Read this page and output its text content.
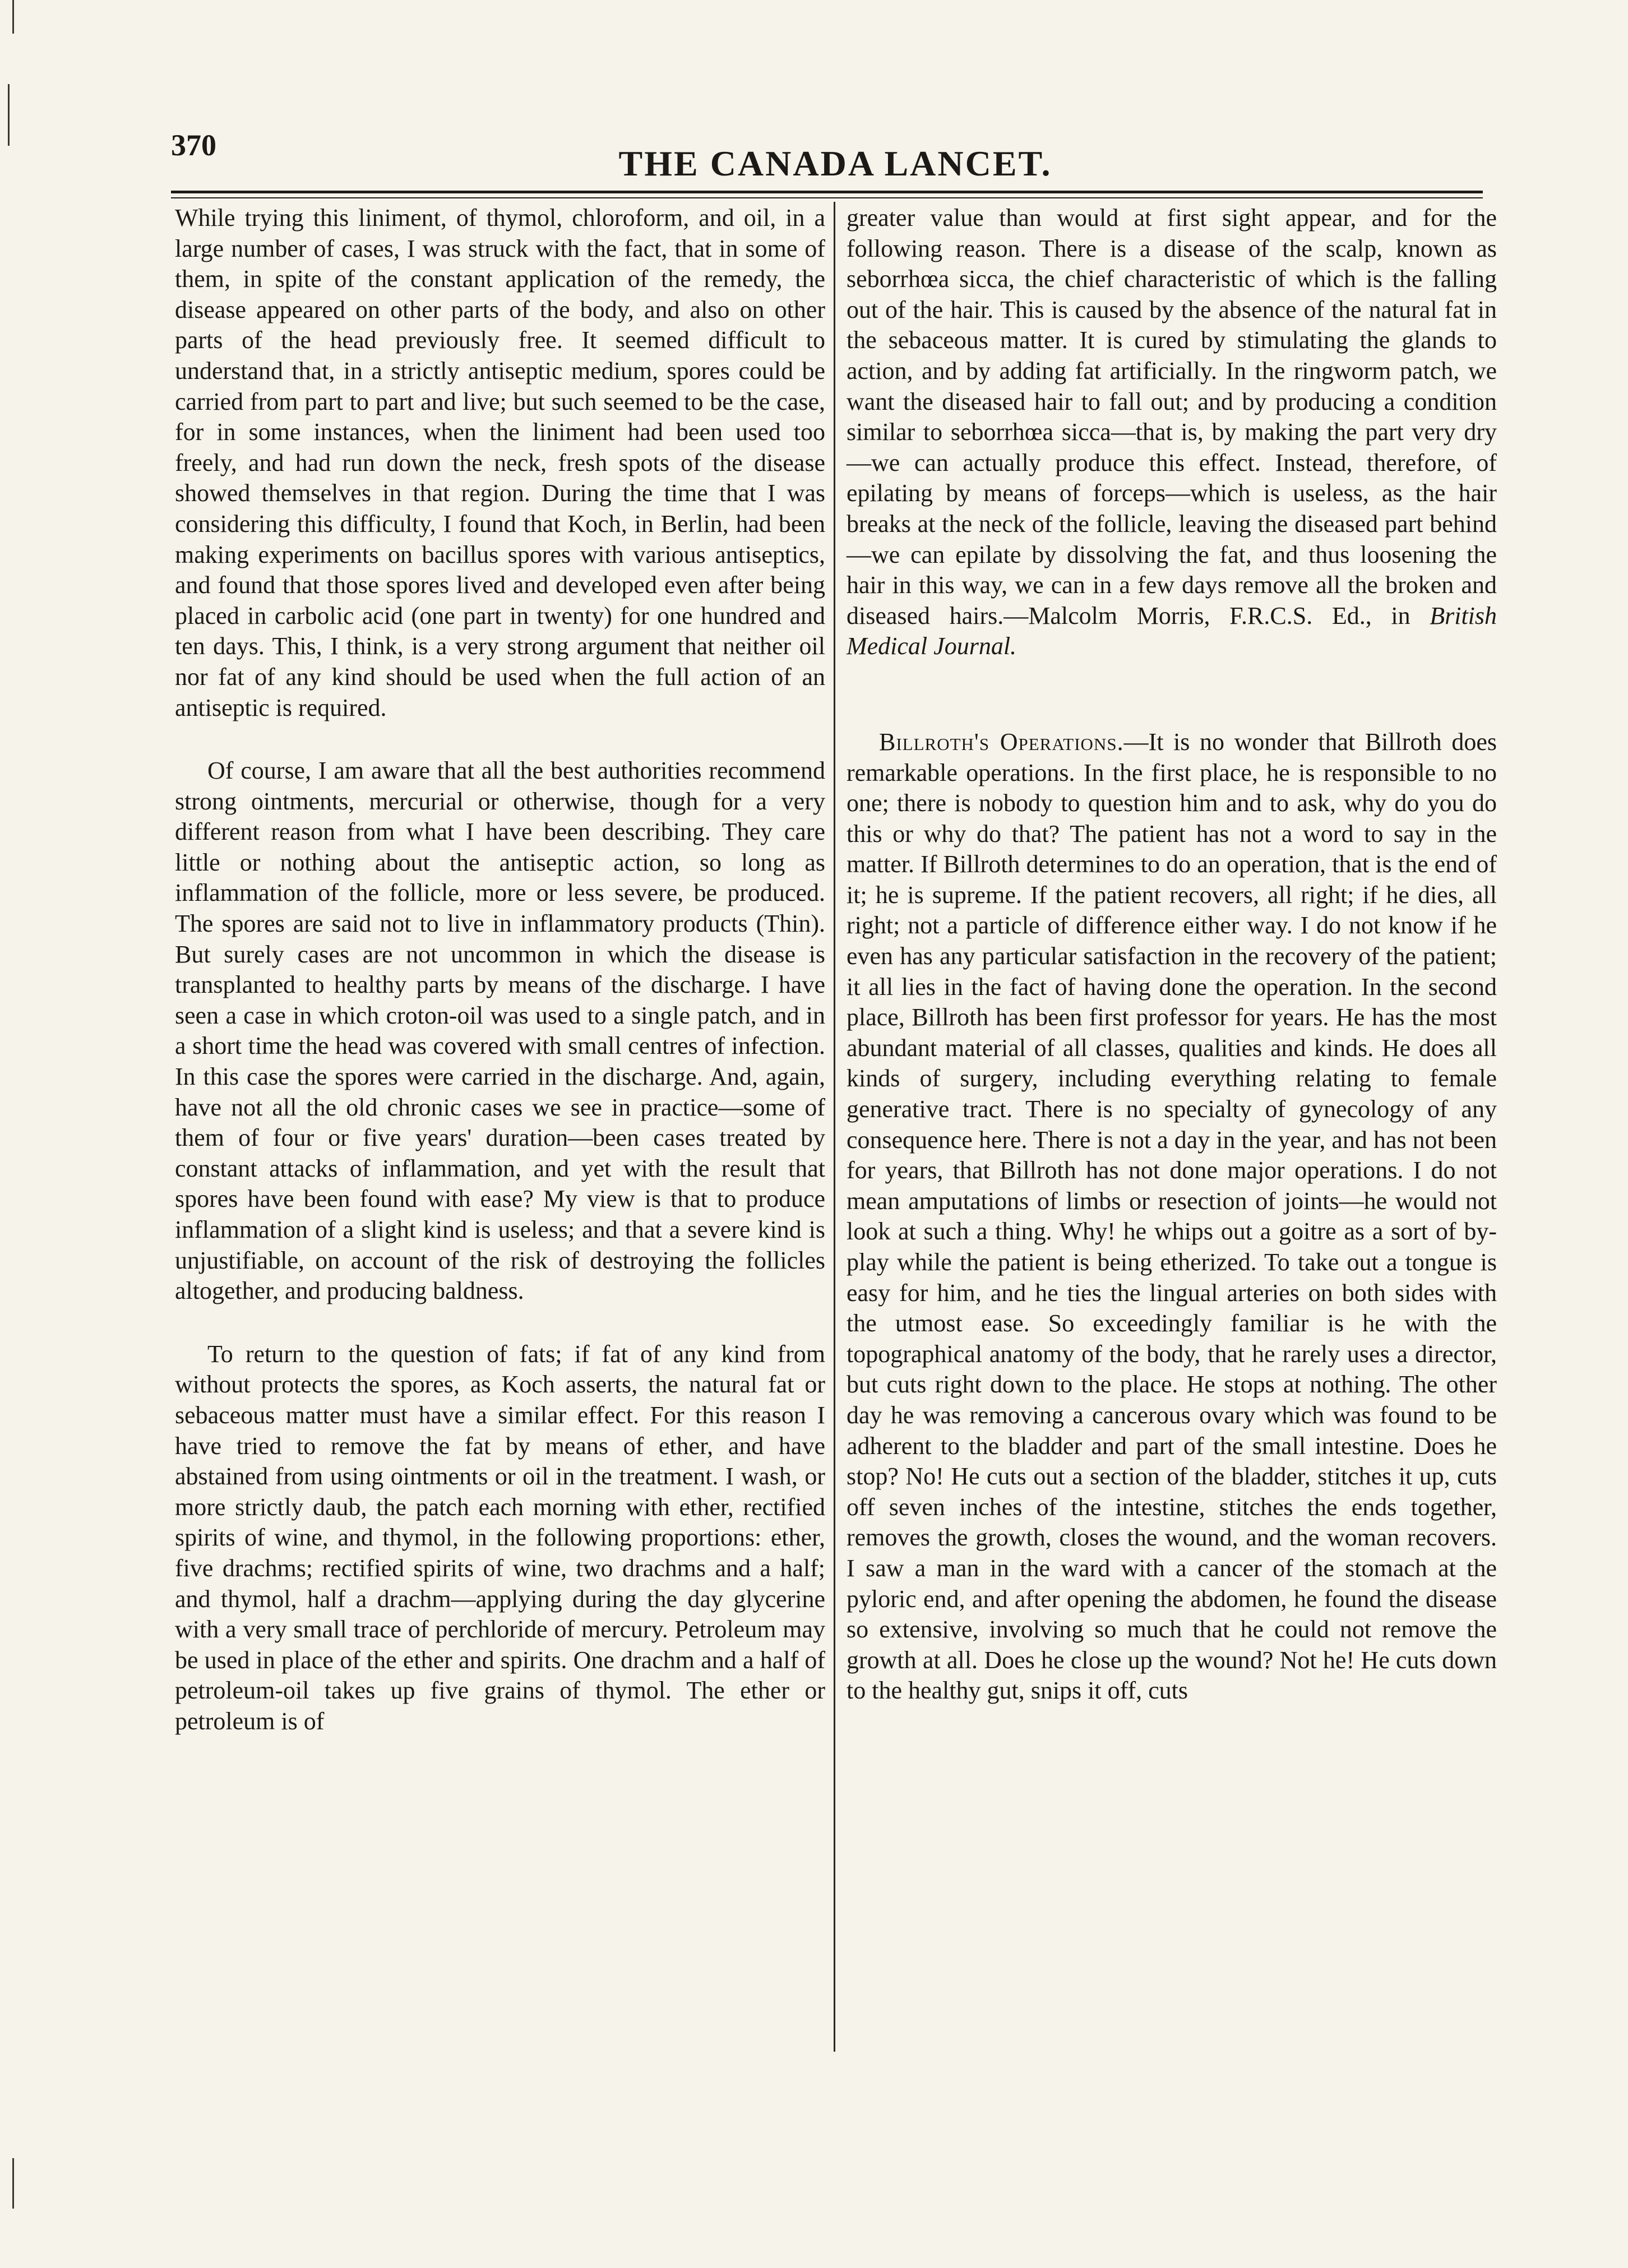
370	THE CANADA LANCET.

While trying this liniment, of thymol, chloroform, and oil, in a large number of cases, I was struck with the fact, that in some of them, in spite of the constant application of the remedy, the disease appeared on other parts of the body, and also on other parts of the head previously free. It seemed difficult to understand that, in a strictly antiseptic medium, spores could be carried from part to part and live; but such seemed to be the case, for in some instances, when the liniment had been used too freely, and had run down the neck, fresh spots of the disease showed themselves in that region. During the time that I was considering this difficulty, I found that Koch, in Berlin, had been making experiments on bacillus spores with various antiseptics, and found that those spores lived and developed even after being placed in carbolic acid (one part in twenty) for one hundred and ten days. This, I think, is a very strong argument that neither oil nor fat of any kind should be used when the full action of an antiseptic is required.

Of course, I am aware that all the best authorities recommend strong ointments, mercurial or otherwise, though for a very different reason from what I have been describing. They care little or nothing about the antiseptic action, so long as inflammation of the follicle, more or less severe, be produced. The spores are said not to live in inflammatory products (Thin). But surely cases are not uncommon in which the disease is transplanted to healthy parts by means of the discharge. I have seen a case in which croton-oil was used to a single patch, and in a short time the head was covered with small centres of infection. In this case the spores were carried in the discharge. And, again, have not all the old chronic cases we see in practice—some of them of four or five years' duration—been cases treated by constant attacks of inflammation, and yet with the result that spores have been found with ease? My view is that to produce inflammation of a slight kind is useless; and that a severe kind is unjustifiable, on account of the risk of destroying the follicles altogether, and producing baldness.

To return to the question of fats; if fat of any kind from without protects the spores, as Koch asserts, the natural fat or sebaceous matter must have a similar effect. For this reason I have tried to remove the fat by means of ether, and have abstained from using ointments or oil in the treatment. I wash, or more strictly daub, the patch each morning with ether, rectified spirits of wine, and thymol, in the following proportions: ether, five drachms; rectified spirits of wine, two drachms and a half; and thymol, half a drachm—applying during the day glycerine with a very small trace of perchloride of mercury. Petroleum may be used in place of the ether and spirits. One drachm and a half of petroleum-oil takes up five grains of thymol. The ether or petroleum is of

greater value than would at first sight appear, and for the following reason. There is a disease of the scalp, known as seborrhœa sicca, the chief characteristic of which is the falling out of the hair. This is caused by the absence of the natural fat in the sebaceous matter. It is cured by stimulating the glands to action, and by adding fat artificially. In the ringworm patch, we want the diseased hair to fall out; and by producing a condition similar to seborrhœa sicca—that is, by making the part very dry—we can actually produce this effect. Instead, therefore, of epilating by means of forceps—which is useless, as the hair breaks at the neck of the follicle, leaving the diseased part behind—we can epilate by dissolving the fat, and thus loosening the hair in this way, we can in a few days remove all the broken and diseased hairs.—Malcolm Morris, F.R.C.S. Ed., in British Medical Journal.

Billroth's Operations.—It is no wonder that Billroth does remarkable operations. In the first place, he is responsible to no one; there is nobody to question him and to ask, why do you do this or why do that? The patient has not a word to say in the matter. If Billroth determines to do an operation, that is the end of it; he is supreme. If the patient recovers, all right; if he dies, all right; not a particle of difference either way. I do not know if he even has any particular satisfaction in the recovery of the patient; it all lies in the fact of having done the operation. In the second place, Billroth has been first professor for years. He has the most abundant material of all classes, qualities and kinds. He does all kinds of surgery, including everything relating to female generative tract. There is no specialty of gynecology of any consequence here. There is not a day in the year, and has not been for years, that Billroth has not done major operations. I do not mean amputations of limbs or resection of joints—he would not look at such a thing. Why! he whips out a goitre as a sort of by-play while the patient is being etherized. To take out a tongue is easy for him, and he ties the lingual arteries on both sides with the utmost ease. So exceedingly familiar is he with the topographical anatomy of the body, that he rarely uses a director, but cuts right down to the place. He stops at nothing. The other day he was removing a cancerous ovary which was found to be adherent to the bladder and part of the small intestine. Does he stop? No! He cuts out a section of the bladder, stitches it up, cuts off seven inches of the intestine, stitches the ends together, removes the growth, closes the wound, and the woman recovers. I saw a man in the ward with a cancer of the stomach at the pyloric end, and after opening the abdomen, he found the disease so extensive, involving so much that he could not remove the growth at all. Does he close up the wound? Not he! He cuts down to the healthy gut, snips it off, cuts
